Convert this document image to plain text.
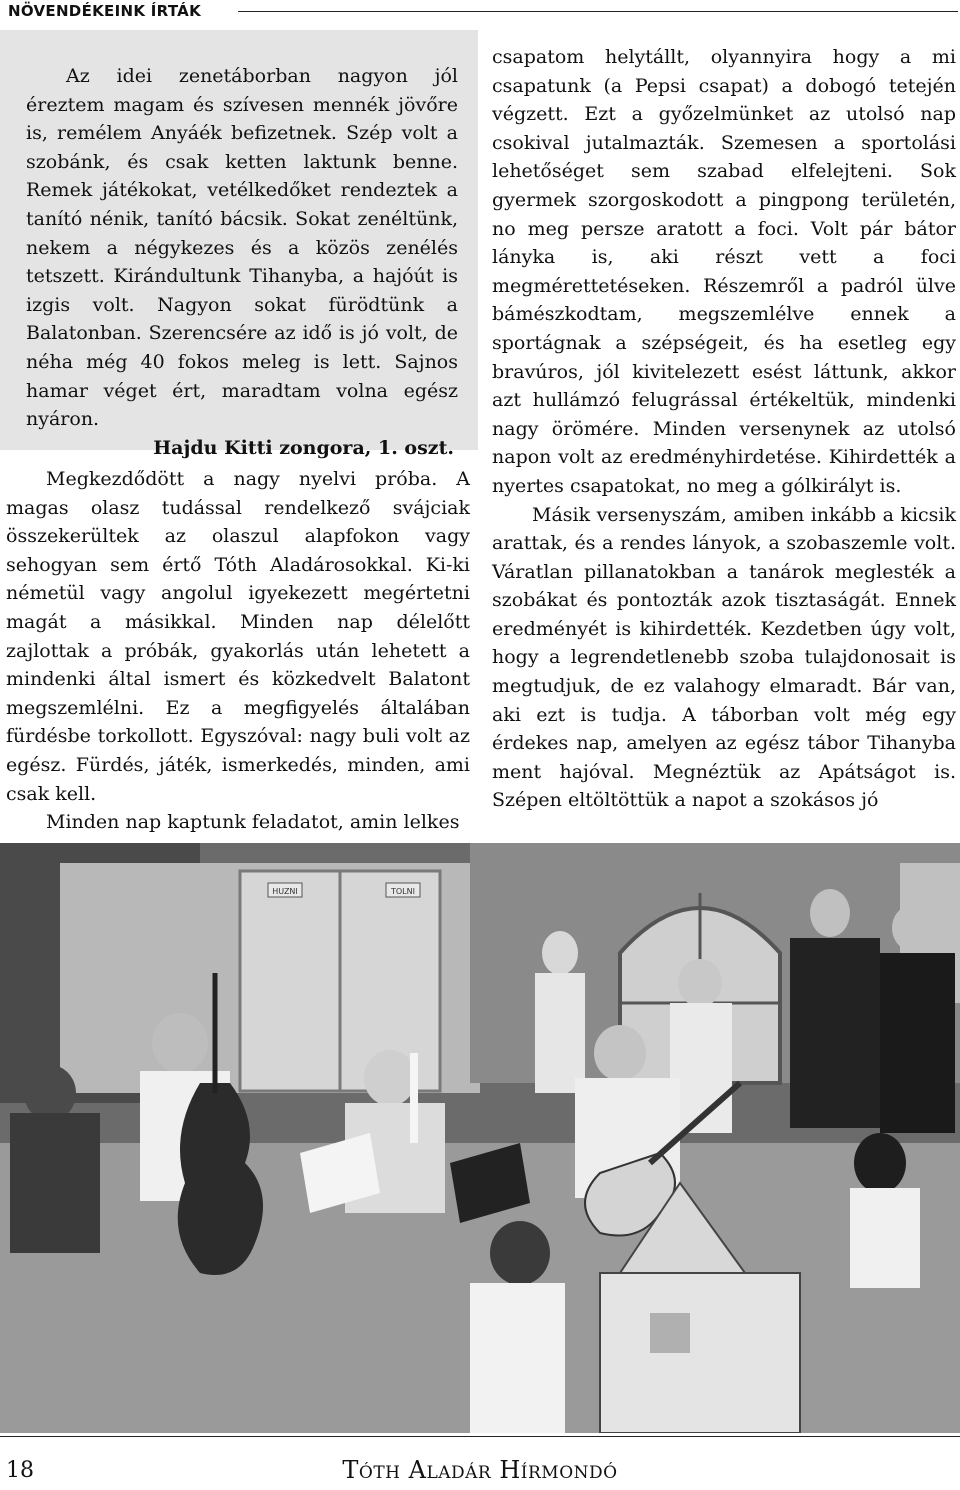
NÖVENDÉKEINK ÍRTÁK

Az idei zenetáborban nagyon jól éreztem magam és szívesen mennék jövőre is, remélem Anyáék befizetnek. Szép volt a szobánk, és csak ketten laktunk benne. Remek játékokat, vetélkedőket rendeztek a tanító nénik, tanító bácsik. Sokat zenéltünk, nekem a négykezes és a közös zenélés tetszett. Kirándultunk Tihanyba, a hajóút is izgis volt. Nagyon sokat fürödtünk a Balatonban. Szerencsére az idő is jó volt, de néha még 40 fokos meleg is lett. Sajnos hamar véget ért, maradtam volna egész nyáron.

Hajdu Kitti zongora, 1. oszt.

Megkezdődött a nagy nyelvi próba. A magas olasz tudással rendelkező svájciak összekerültek az olaszul alapfokon vagy sehogyan sem értő Tóth Aladárosokkal. Ki-ki németül vagy angolul igyekezett megértetni magát a másikkal. Minden nap délelőtt zajlottak a próbák, gyakorlás után lehetett a mindenki által ismert és közkedvelt Balatont megszemlélni. Ez a megfigyelés általában fürdésbe torkollott. Egyszóval: nagy buli volt az egész. Fürdés, játék, ismerkedés, minden, ami csak kell.

Minden nap kaptunk feladatot, amin lelkes

csapatom helytállt, olyannyira hogy a mi csapatunk (a Pepsi csapat) a dobogó tetején végzett. Ezt a győzelmünket az utolsó nap csokival jutalmazták. Szemesen a sportolási lehetőséget sem szabad elfelejteni. Sok gyermek szorgoskodott a pingpong területén, no meg persze aratott a foci. Volt pár bátor lányka is, aki részt vett a foci megmérettetéseken. Részemről a padról ülve bámészkodtam, megszemlélve ennek a sportágnak a szépségeit, és ha esetleg egy bravúros, jól kivitelezett esést láttunk, akkor azt hullámzó felugrással értékeltük, mindenki nagy örömére. Minden versenynek az utolsó napon volt az eredményhirdetése. Kihirdették a nyertes csapatokat, no meg a gólkirályt is.

Másik versenyszám, amiben inkább a kicsik arattak, és a rendes lányok, a szobaszemle volt. Váratlan pillanatokban a tanárok meglesték a szobákat és pontozták azok tisztaságát. Ennek eredményét is kihirdették. Kezdetben úgy volt, hogy a legrendetlenebb szoba tulajdonosait is megtudjuk, de ez valahogy elmaradt. Bár van, aki ezt is tudja. A táborban volt még egy érdekes nap, amelyen az egész tábor Tihanyba ment hajóval. Megnéztük az Apátságot is. Szépen eltöltöttük a napot a szokásos jó

HUZNI	TOLNI
18	Tóth Aladár Hírmondó
